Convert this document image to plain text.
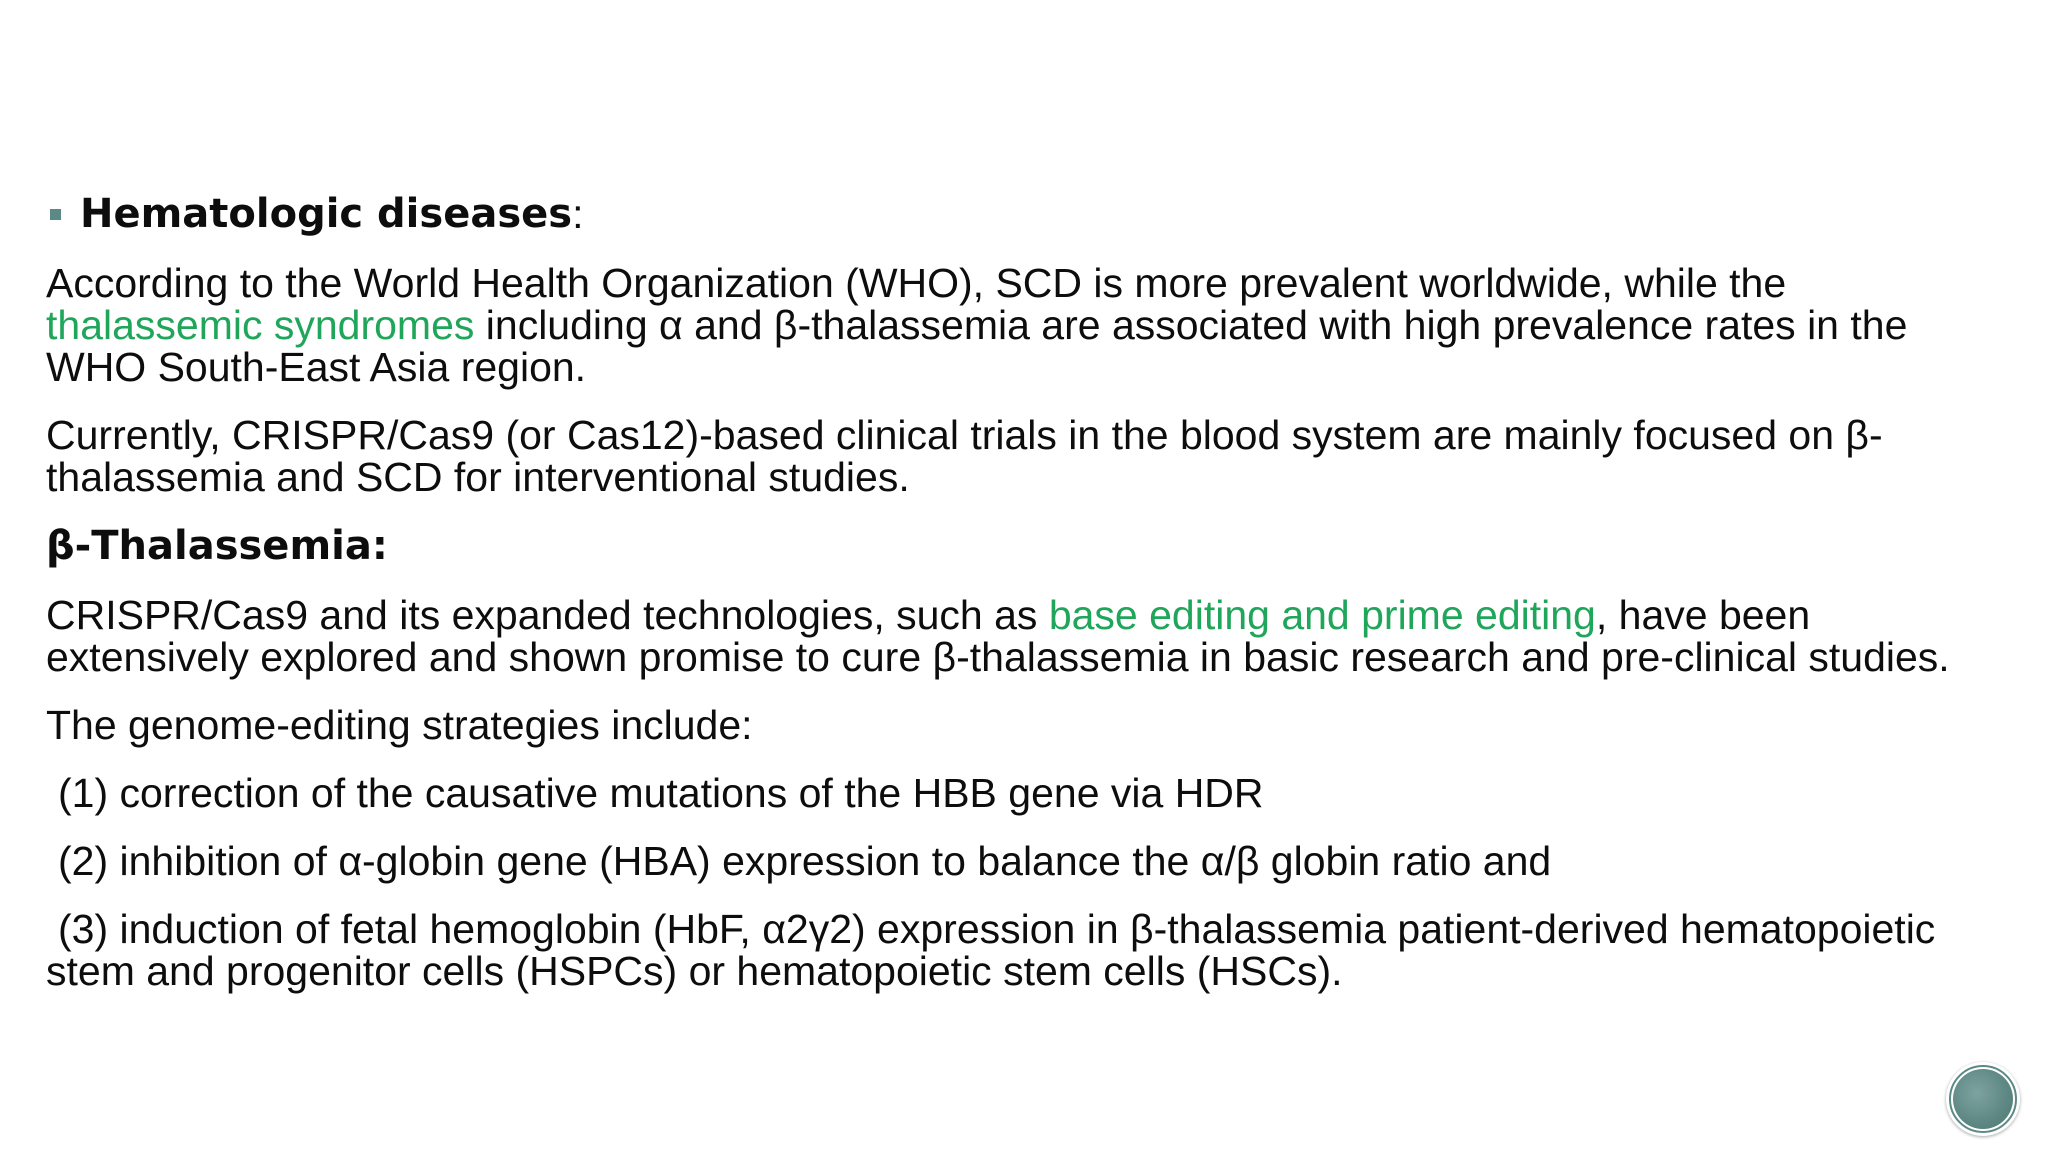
Hematologic diseases :

According to the World Health Organization (WHO), SCD is more prevalent worldwide, while the thalassemic syndromes including α and β-thalassemia are associated with high prevalence rates in the WHO South-East Asia region.

Currently, CRISPR/Cas9 (or Cas12)-based clinical trials in the blood system are mainly focused on β-thalassemia and SCD for interventional studies.

β-Thalassemia:

CRISPR/Cas9 and its expanded technologies, such as base editing and prime editing, have been extensively explored and shown promise to cure β-thalassemia in basic research and pre-clinical studies.

The genome-editing strategies include:

(1) correction of the causative mutations of the HBB gene via HDR

(2) inhibition of α-globin gene (HBA) expression to balance the α/β globin ratio and

(3) induction of fetal hemoglobin (HbF, α2γ2) expression in β-thalassemia patient-derived hematopoietic stem and progenitor cells (HSPCs) or hematopoietic stem cells (HSCs).
